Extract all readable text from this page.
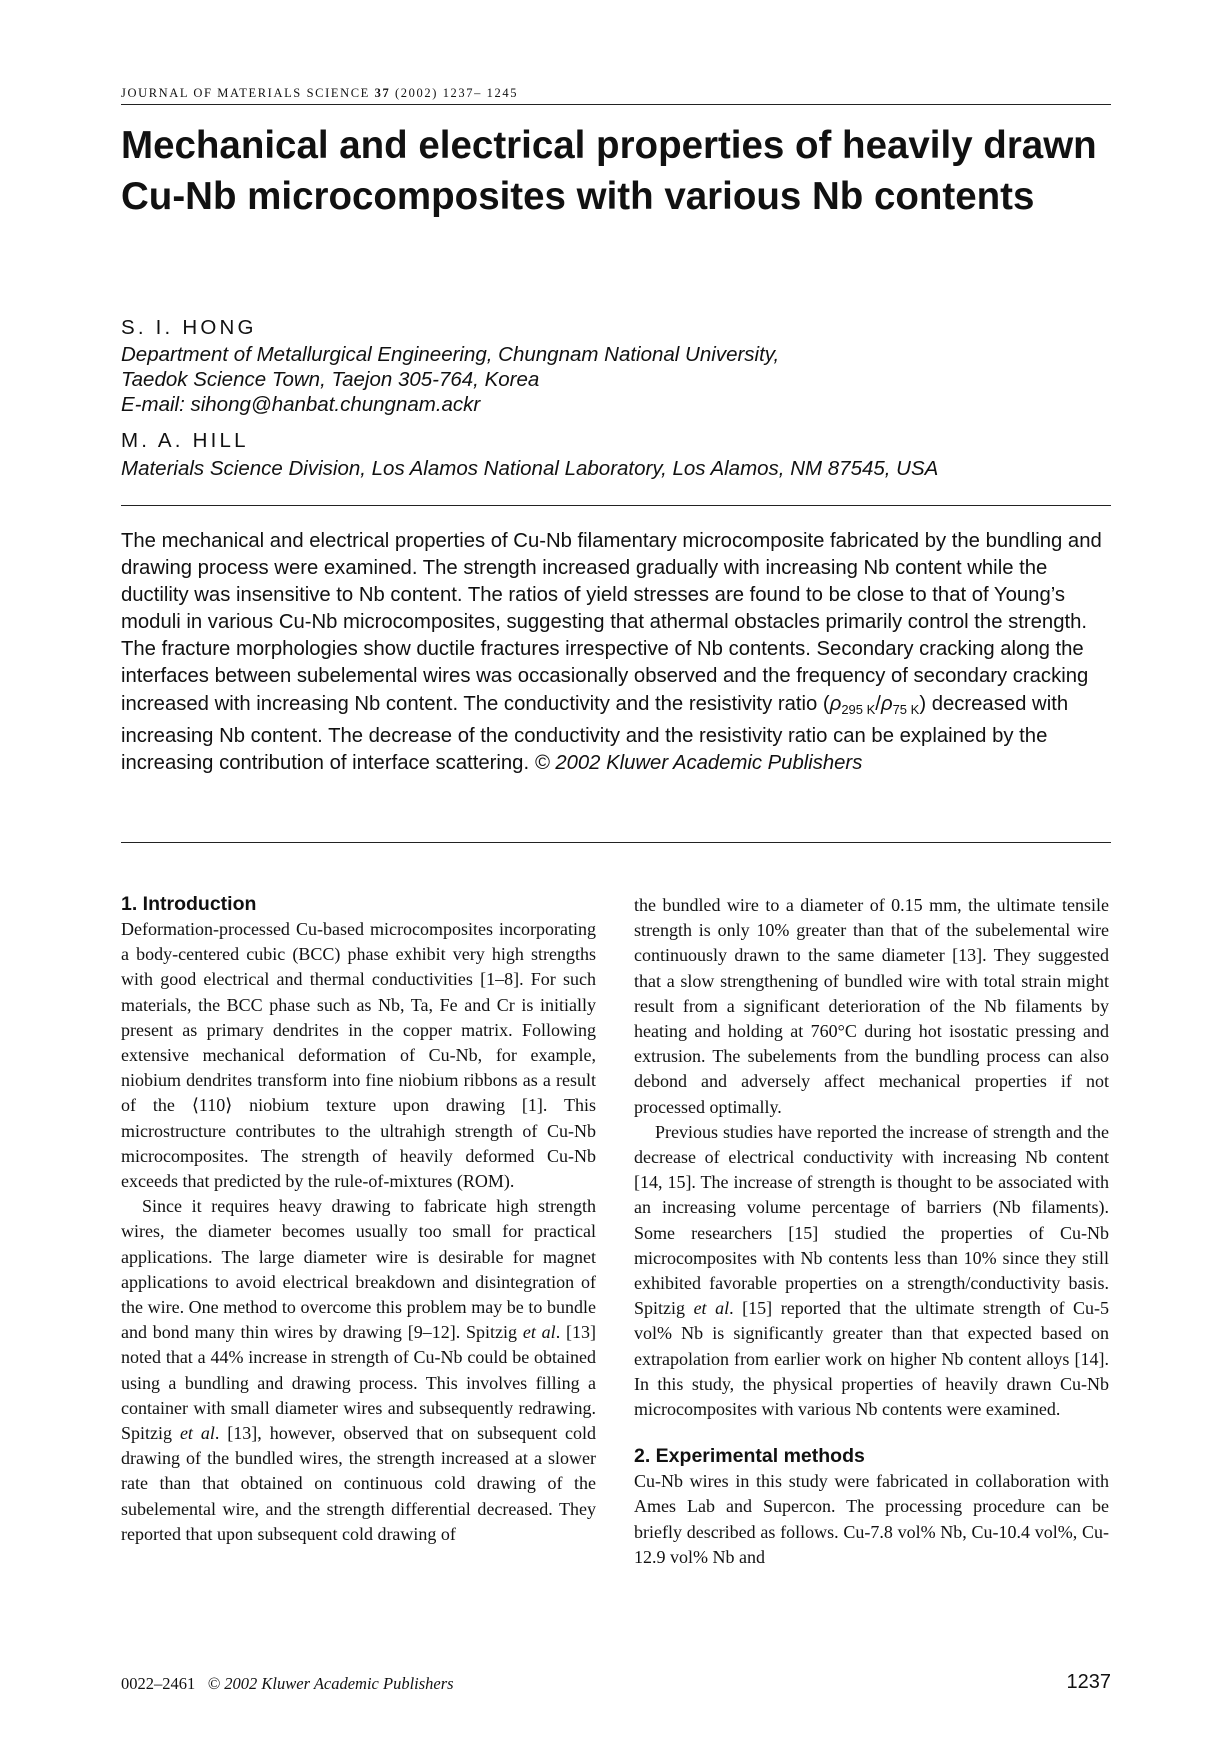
JOURNAL OF MATERIALS SCIENCE 37 (2002) 1237– 1245
Mechanical and electrical properties of heavily drawn Cu-Nb microcomposites with various Nb contents
S. I. HONG
Department of Metallurgical Engineering, Chungnam National University,
Taedok Science Town, Taejon 305-764, Korea
E-mail: sihong@hanbat.chungnam.ackr
M. A. HILL
Materials Science Division, Los Alamos National Laboratory, Los Alamos, NM 87545, USA

The mechanical and electrical properties of Cu-Nb filamentary microcomposite fabricated by the bundling and drawing process were examined. The strength increased gradually with increasing Nb content while the ductility was insensitive to Nb content. The ratios of yield stresses are found to be close to that of Young’s moduli in various Cu-Nb microcomposites, suggesting that athermal obstacles primarily control the strength. The fracture morphologies show ductile fractures irrespective of Nb contents. Secondary cracking along the interfaces between subelemental wires was occasionally observed and the frequency of secondary cracking increased with increasing Nb content. The conductivity and the resistivity ratio $(\rho_{295 K}/\rho_{75 K})$ decreased with increasing Nb content. The decrease of the conductivity and the resistivity ratio can be explained by the increasing contribution of interface scattering. © 2002 Kluwer Academic Publishers

1. Introduction

Deformation-processed Cu-based microcomposites incorporating a body-centered cubic (BCC) phase exhibit very high strengths with good electrical and thermal conductivities [1–8]. For such materials, the BCC phase such as Nb, Ta, Fe and Cr is initially present as primary dendrites in the copper matrix. Following extensive mechanical deformation of Cu-Nb, for example, niobium dendrites transform into fine niobium ribbons as a result of the ⟨110⟩ niobium texture upon drawing [1]. This microstructure contributes to the ultrahigh strength of Cu-Nb microcomposites. The strength of heavily deformed Cu-Nb exceeds that predicted by the rule-of-mixtures (ROM).

Since it requires heavy drawing to fabricate high strength wires, the diameter becomes usually too small for practical applications. The large diameter wire is desirable for magnet applications to avoid electrical breakdown and disintegration of the wire. One method to overcome this problem may be to bundle and bond many thin wires by drawing [9–12]. Spitzig et al. [13] noted that a 44% increase in strength of Cu-Nb could be obtained using a bundling and drawing process. This involves filling a container with small diameter wires and subsequently redrawing. Spitzig et al. [13], however, observed that on subsequent cold drawing of the bundled wires, the strength increased at a slower rate than that obtained on continuous cold drawing of the subelemental wire, and the strength differential decreased. They reported that upon subsequent cold drawing of

the bundled wire to a diameter of 0.15 mm, the ultimate tensile strength is only 10% greater than that of the subelemental wire continuously drawn to the same diameter [13]. They suggested that a slow strengthening of bundled wire with total strain might result from a significant deterioration of the Nb filaments by heating and holding at 760°C during hot isostatic pressing and extrusion. The subelements from the bundling process can also debond and adversely affect mechanical properties if not processed optimally.

Previous studies have reported the increase of strength and the decrease of electrical conductivity with increasing Nb content [14, 15]. The increase of strength is thought to be associated with an increasing volume percentage of barriers (Nb filaments). Some researchers [15] studied the properties of Cu-Nb microcomposites with Nb contents less than 10% since they still exhibited favorable properties on a strength/conductivity basis. Spitzig et al. [15] reported that the ultimate strength of Cu-5 vol% Nb is significantly greater than that expected based on extrapolation from earlier work on higher Nb content alloys [14]. In this study, the physical properties of heavily drawn Cu-Nb microcomposites with various Nb contents were examined.

2. Experimental methods

Cu-Nb wires in this study were fabricated in collaboration with Ames Lab and Supercon. The processing procedure can be briefly described as follows. Cu-7.8 vol% Nb, Cu-10.4 vol%, Cu-12.9 vol% Nb and

0022–2461 © 2002 Kluwer Academic Publishers	1237
